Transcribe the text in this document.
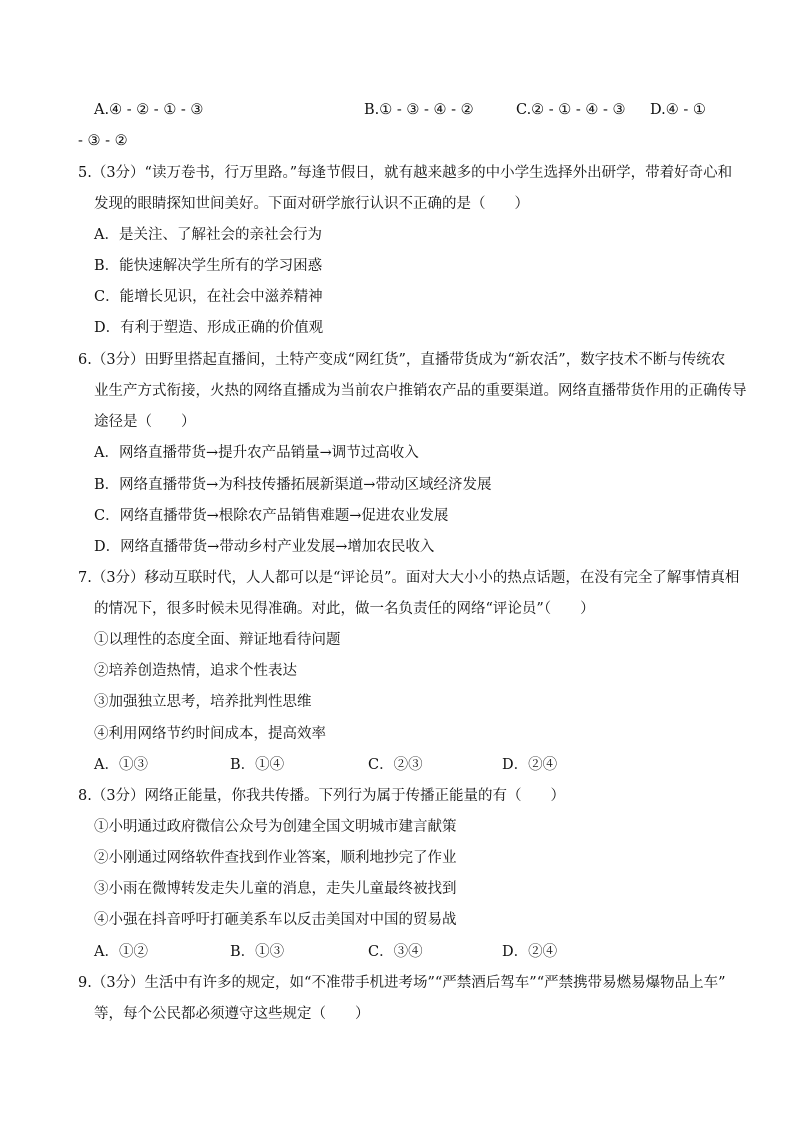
A.④ - ② - ① - ③	B.① - ③ - ④ - ②	C.② - ① - ④ - ③ D.④ - ①
- ③ - ②
5.（3分）“读万卷书，行万里路。”每逢节假日，就有越来越多的中小学生选择外出研学，带着好奇心和
发现的眼睛探知世间美好。下面对研学旅行认识不正确的是（　　）
A．是关注、了解社会的亲社会行为
B．能快速解决学生所有的学习困惑
C．能增长见识，在社会中滋养精神
D．有利于塑造、形成正确的价值观
6.（3分）田野里搭起直播间，土特产变成“网红货”，直播带货成为“新农活”，数字技术不断与传统农
业生产方式衔接，火热的网络直播成为当前农户推销农产品的重要渠道。网络直播带货作用的正确传导
途径是（　　）
A．网络直播带货→提升农产品销量→调节过高收入
B．网络直播带货→为科技传播拓展新渠道→带动区域经济发展
C．网络直播带货→根除农产品销售难题→促进农业发展
D．网络直播带货→带动乡村产业发展→增加农民收入
7.（3分）移动互联时代，人人都可以是“评论员”。面对大大小小的热点话题，在没有完全了解事情真相
的情况下，很多时候未见得准确。对此，做一名负责任的网络“评论员”（　　）
①以理性的态度全面、辩证地看待问题
②培养创造热情，追求个性表达
③加强独立思考，培养批判性思维
④利用网络节约时间成本，提高效率
A．①③	B．①④	C．②③	D．②④
8.（3分）网络正能量，你我共传播。下列行为属于传播正能量的有（　　）
①小明通过政府微信公众号为创建全国文明城市建言献策
②小刚通过网络软件查找到作业答案，顺利地抄完了作业
③小雨在微博转发走失儿童的消息，走失儿童最终被找到
④小强在抖音呼吁打砸美系车以反击美国对中国的贸易战
A．①②	B．①③	C．③④	D．②④
9.（3分）生活中有许多的规定，如“不准带手机进考场”“严禁酒后驾车”“严禁携带易燃易爆物品上车”
等，每个公民都必须遵守这些规定（　　）
